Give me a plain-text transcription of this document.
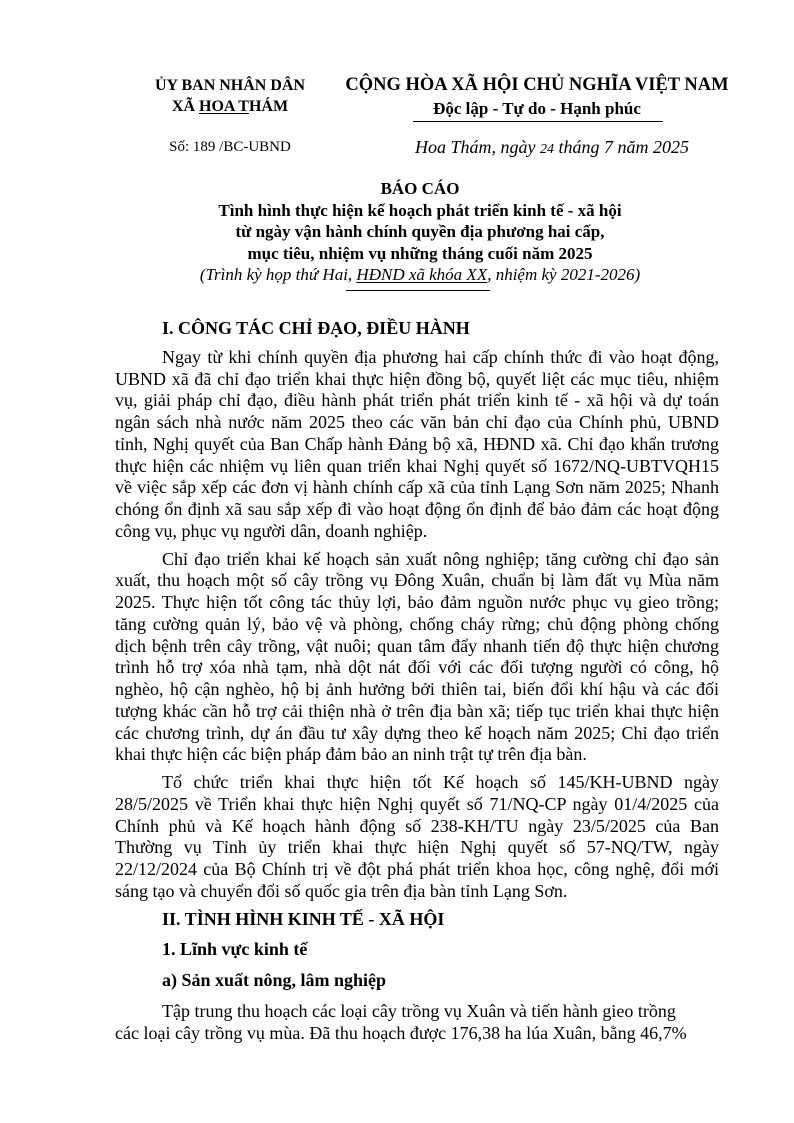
ỦY BAN NHÂN DÂN
XÃ HOA THÁM
CỘNG HÒA XÃ HỘI CHỦ NGHĨA VIỆT NAM
Độc lập - Tự do - Hạnh phúc
Số: 189 /BC-UBND	Hoa Thám, ngày 24 tháng 7 năm 2025
BÁO CÁO
Tình hình thực hiện kế hoạch phát triển kinh tế - xã hội
từ ngày vận hành chính quyền địa phương hai cấp,
mục tiêu, nhiệm vụ những tháng cuối năm 2025
(Trình kỳ họp thứ Hai, HĐND xã khóa XX, nhiệm kỳ 2021-2026)
I. CÔNG TÁC CHỈ ĐẠO, ĐIỀU HÀNH

Ngay từ khi chính quyền địa phương hai cấp chính thức đi vào hoạt động, UBND xã đã chỉ đạo triển khai thực hiện đồng bộ, quyết liệt các mục tiêu, nhiệm vụ, giải pháp chỉ đạo, điều hành phát triển phát triển kinh tế - xã hội và dự toán ngân sách nhà nước năm 2025 theo các văn bản chỉ đạo của Chính phủ, UBND tỉnh, Nghị quyết của Ban Chấp hành Đảng bộ xã, HĐND xã. Chỉ đạo khẩn trương thực hiện các nhiệm vụ liên quan triển khai Nghị quyết số 1672/NQ-UBTVQH15 về việc sắp xếp các đơn vị hành chính cấp xã của tỉnh Lạng Sơn năm 2025; Nhanh chóng ổn định xã sau sắp xếp đi vào hoạt động ổn định để bảo đảm các hoạt động công vụ, phục vụ người dân, doanh nghiệp.

Chỉ đạo triển khai kế hoạch sản xuất nông nghiệp; tăng cường chỉ đạo sản xuất, thu hoạch một số cây trồng vụ Đông Xuân, chuẩn bị làm đất vụ Mùa năm 2025. Thực hiện tốt công tác thủy lợi, bảo đảm nguồn nước phục vụ gieo trồng; tăng cường quản lý, bảo vệ và phòng, chống cháy rừng; chủ động phòng chống dịch bệnh trên cây trồng, vật nuôi; quan tâm đẩy nhanh tiến độ thực hiện chương trình hỗ trợ xóa nhà tạm, nhà dột nát đối với các đối tượng người có công, hộ nghèo, hộ cận nghèo, hộ bị ảnh hưởng bởi thiên tai, biến đổi khí hậu và các đối tượng khác cần hỗ trợ cải thiện nhà ở trên địa bàn xã; tiếp tục triển khai thực hiện các chương trình, dự án đầu tư xây dựng theo kế hoạch năm 2025; Chỉ đạo triển khai thực hiện các biện pháp đảm bảo an ninh trật tự trên địa bàn.

Tổ chức triển khai thực hiện tốt Kế hoạch số 145/KH-UBND ngày 28/5/2025 về Triển khai thực hiện Nghị quyết số 71/NQ-CP ngày 01/4/2025 của Chính phủ và Kế hoạch hành động số 238-KH/TU ngày 23/5/2025 của Ban Thường vụ Tỉnh ủy triển khai thực hiện Nghị quyết số 57-NQ/TW, ngày 22/12/2024 của Bộ Chính trị về đột phá phát triển khoa học, công nghệ, đổi mới sáng tạo và chuyển đổi số quốc gia trên địa bàn tỉnh Lạng Sơn.

II. TÌNH HÌNH KINH TẾ - XÃ HỘI
1. Lĩnh vực kinh tế
a) Sản xuất nông, lâm nghiệp

Tập trung thu hoạch các loại cây trồng vụ Xuân và tiến hành gieo trồng

các loại cây trồng vụ mùa. Đã thu hoạch được 176,38 ha lúa Xuân, bằng 46,7%
